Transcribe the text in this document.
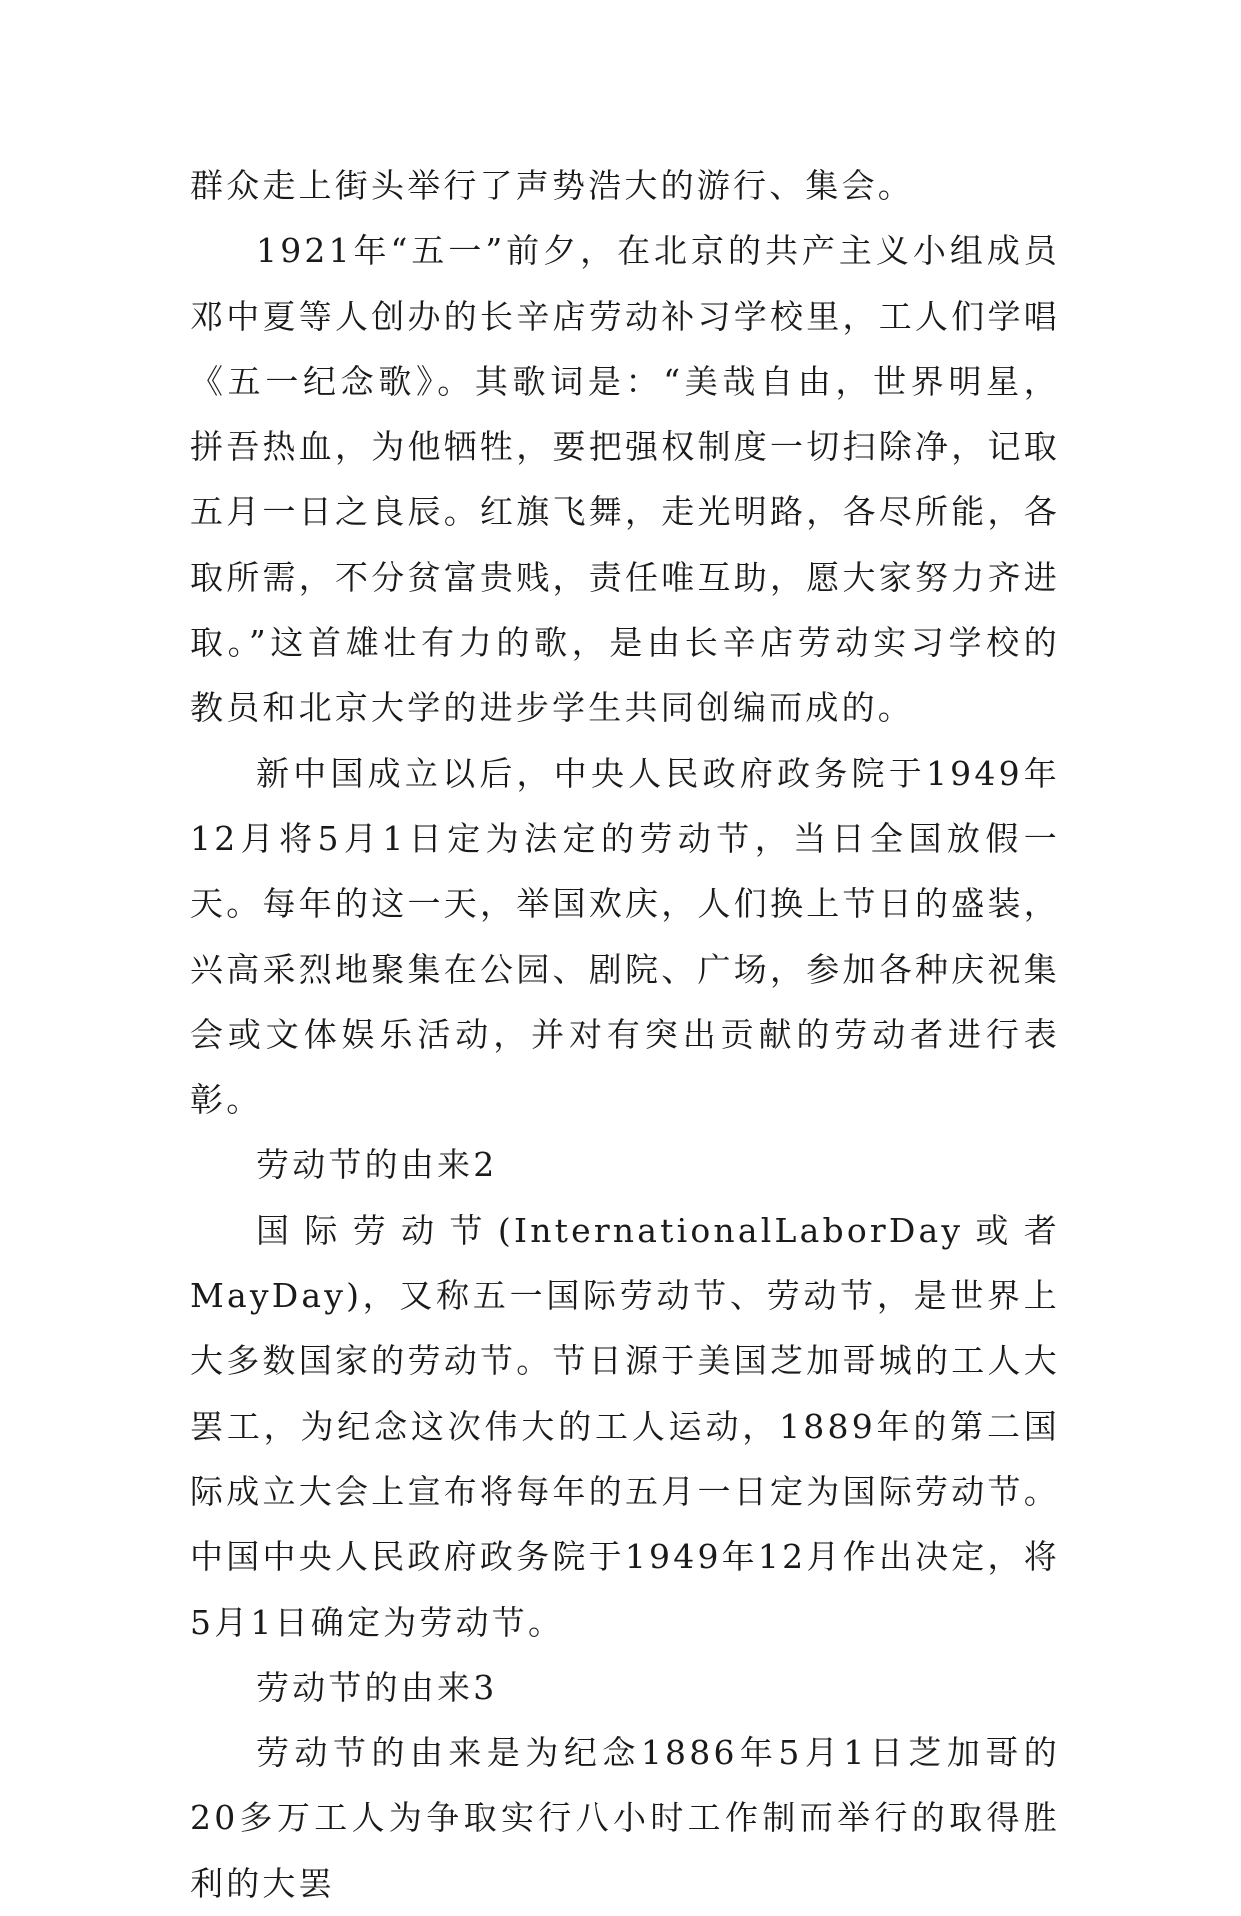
群众走上街头举行了声势浩大的游行、集会。

1921年“五一”前夕，在北京的共产主义小组成员邓中夏等人创办的长辛店劳动补习学校里，工人们学唱《五一纪念歌》。其歌词是：“美哉自由，世界明星，拼吾热血，为他牺牲，要把强权制度一切扫除净，记取五月一日之良辰。红旗飞舞，走光明路，各尽所能，各取所需，不分贫富贵贱，责任唯互助，愿大家努力齐进取。”这首雄壮有力的歌，是由长辛店劳动实习学校的教员和北京大学的进步学生共同创编而成的。

新中国成立以后，中央人民政府政务院于1949年12月将5月1日定为法定的劳动节，当日全国放假一天。每年的这一天，举国欢庆，人们换上节日的盛装，兴高采烈地聚集在公园、剧院、广场，参加各种庆祝集会或文体娱乐活动，并对有突出贡献的劳动者进行表彰。

劳动节的由来2

国际劳动节(InternationalLaborDay或者MayDay)，又称五一国际劳动节、劳动节，是世界上大多数国家的劳动节。节日源于美国芝加哥城的工人大罢工，为纪念这次伟大的工人运动，1889年的第二国际成立大会上宣布将每年的五月一日定为国际劳动节。中国中央人民政府政务院于1949年12月作出决定，将5月1日确定为劳动节。

劳动节的由来3

劳动节的由来是为纪念1886年5月1日芝加哥的20多万工人为争取实行八小时工作制而举行的取得胜利的大罢
